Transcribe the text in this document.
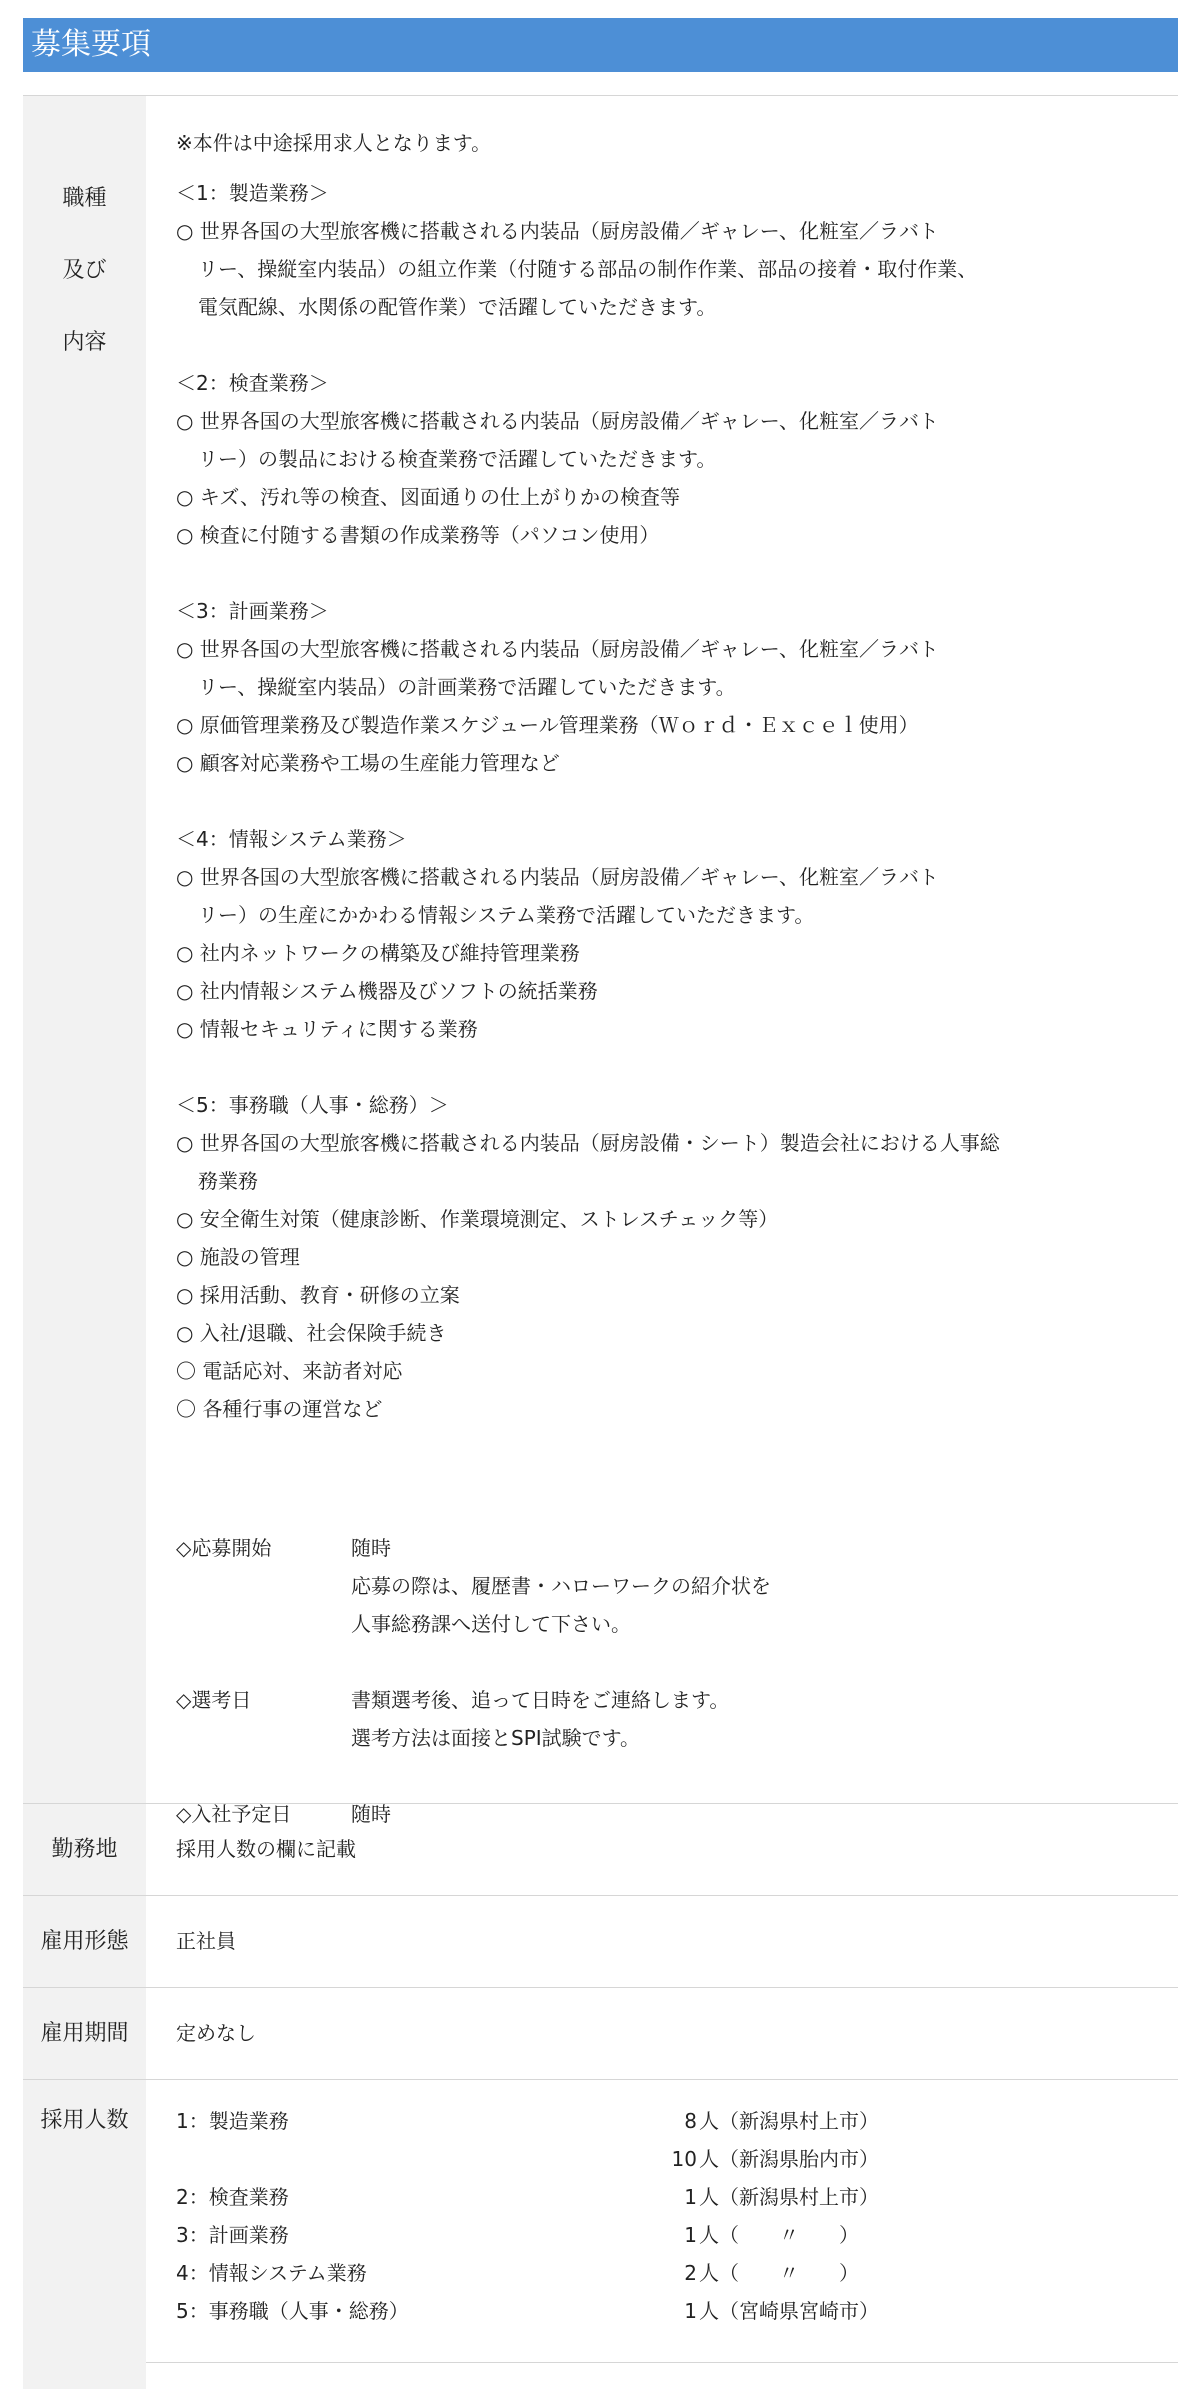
募集要項
職種
及び
内容
※本件は中途採用求人となります。
＜1：製造業務＞
○ 世界各国の大型旅客機に搭載される内装品（厨房設備／ギャレー、化粧室／ラバト
リー、操縦室内装品）の組立作業（付随する部品の制作作業、部品の接着・取付作業、
電気配線、水関係の配管作業）で活躍していただきます。
＜2：検査業務＞
○ 世界各国の大型旅客機に搭載される内装品（厨房設備／ギャレー、化粧室／ラバト
リー）の製品における検査業務で活躍していただきます。
○ キズ、汚れ等の検査、図面通りの仕上がりかの検査等
○ 検査に付随する書類の作成業務等（パソコン使用）
＜3：計画業務＞
○ 世界各国の大型旅客機に搭載される内装品（厨房設備／ギャレー、化粧室／ラバト
リー、操縦室内装品）の計画業務で活躍していただきます。
○ 原価管理業務及び製造作業スケジュール管理業務（Ｗｏｒｄ・Ｅｘｃｅｌ使用）
○ 顧客対応業務や工場の生産能力管理など
＜4：情報システム業務＞
○ 世界各国の大型旅客機に搭載される内装品（厨房設備／ギャレー、化粧室／ラバト
リー）の生産にかかわる情報システム業務で活躍していただきます。
○ 社内ネットワークの構築及び維持管理業務
○ 社内情報システム機器及びソフトの統括業務
○ 情報セキュリティに関する業務
＜5：事務職（人事・総務）＞
○ 世界各国の大型旅客機に搭載される内装品（厨房設備・シート）製造会社における人事総
務業務
○ 安全衛生対策（健康診断、作業環境測定、ストレスチェック等）
○ 施設の管理
○ 採用活動、教育・研修の立案
○ 入社/退職、社会保険手続き
〇 電話応対、来訪者対応
〇 各種行事の運営など
◇応募開始	随時
応募の際は、履歴書・ハローワークの紹介状を
人事総務課へ送付して下さい。
◇選考日	書類選考後、追って日時をご連絡します。
選考方法は面接とSPI試験です。
◇入社予定日	随時
勤務地	採用人数の欄に記載
雇用形態	正社員
雇用期間	定めなし
採用人数	1：製造業務	8 人（新潟県村上市）
10 人（新潟県胎内市）
2：検査業務	1 人（新潟県村上市）
3：計画業務	1 人（　　〃　　）
4：情報システム業務	2 人（　　〃　　）
5：事務職（人事・総務）	1 人（宮崎県宮崎市）
